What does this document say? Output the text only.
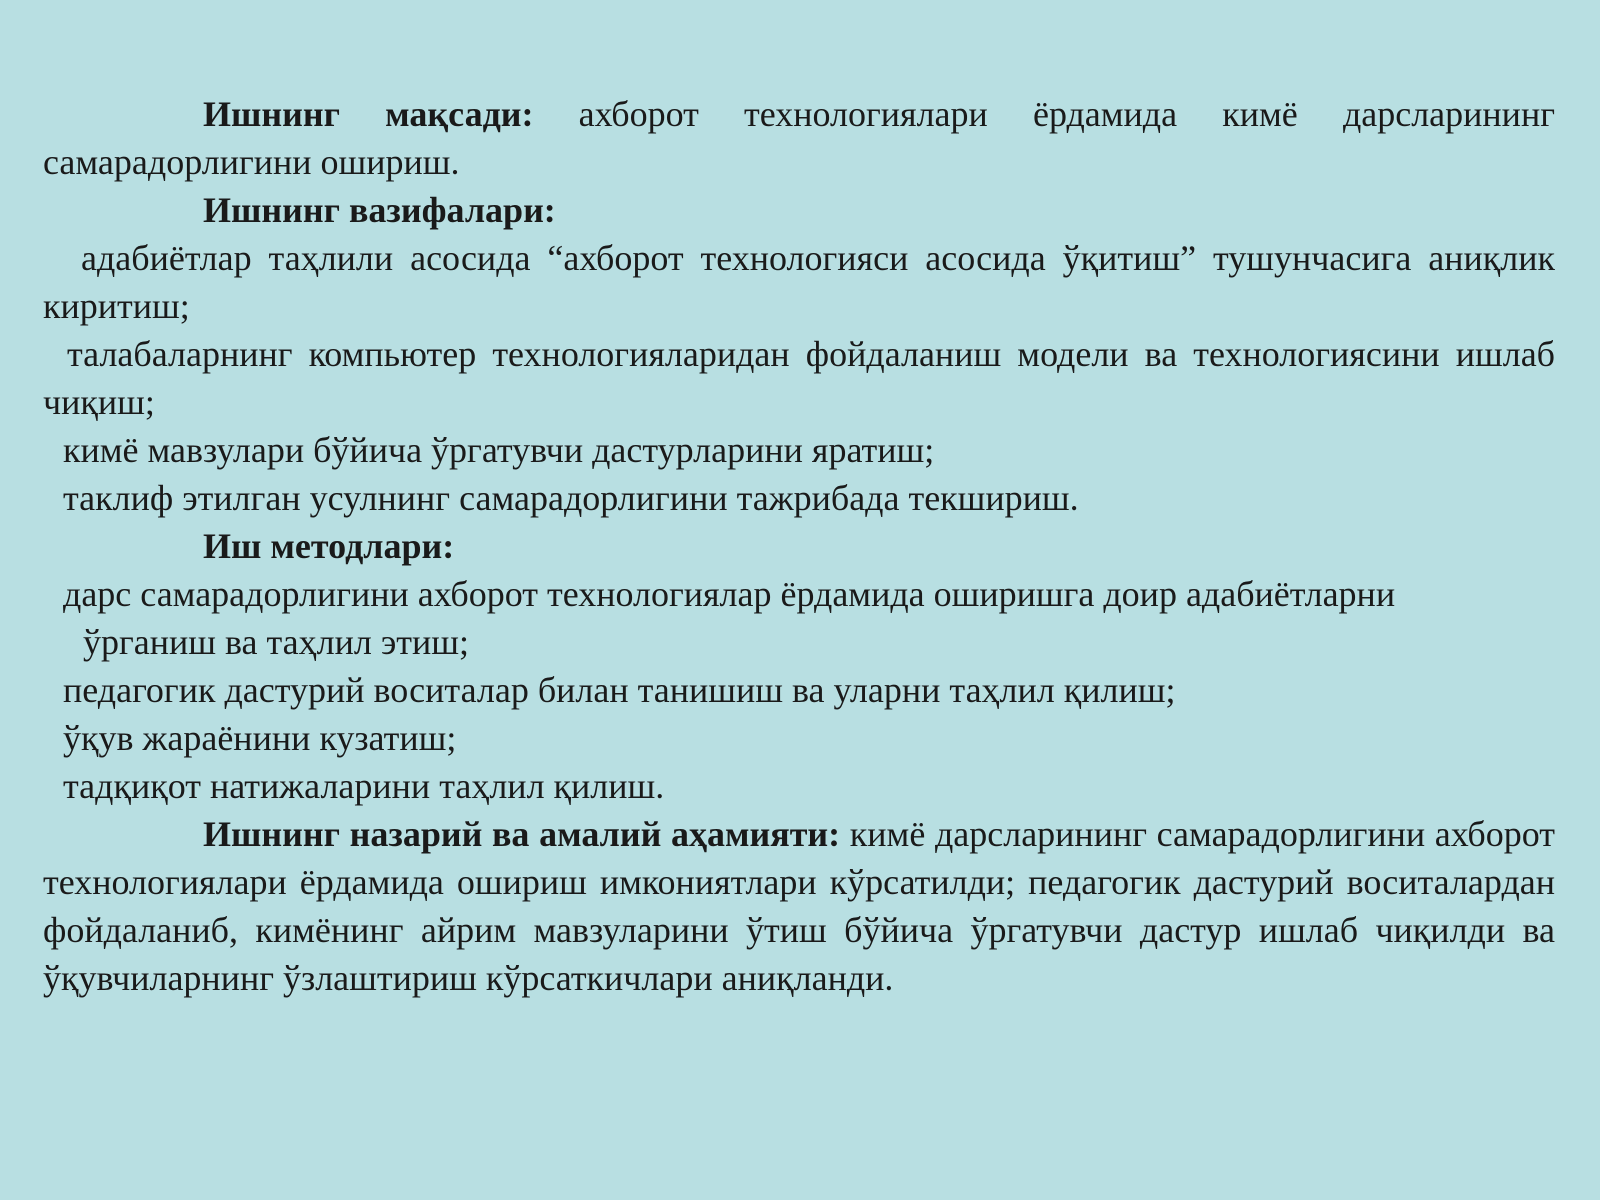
Ишнинг мақсади: ахборот технологиялари ёрдамида кимё дарсларининг самарадорлигини ошириш.

Ишнинг вазифалари:

адабиётлар таҳлили асосида “ахборот технологияси асосида ўқитиш” тушунчасига аниқлик киритиш;

талабаларнинг компьютер технологияларидан фойдаланиш модели ва технологиясини ишлаб чиқиш;

кимё мавзулари бўйича ўргатувчи дастурларини яратиш;

таклиф этилган усулнинг самарадорлигини тажрибада текшириш.

Иш методлари:

дарс самарадорлигини ахборот технологиялар ёрдамида оширишга доир адабиётларни

ўрганиш ва таҳлил этиш;

педагогик дастурий воситалар билан танишиш ва уларни таҳлил қилиш;

ўқув жараёнини кузатиш;

тадқиқот натижаларини таҳлил қилиш.

Ишнинг назарий ва амалий аҳамияти: кимё дарсларининг самарадорлигини ахборот технологиялари ёрдамида ошириш имкониятлари кўрсатилди; педагогик дастурий воситалардан фойдаланиб, кимёнинг айрим мавзуларини ўтиш бўйича ўргатувчи дастур ишлаб чиқилди ва ўқувчиларнинг ўзлаштириш кўрсаткичлари аниқланди.
